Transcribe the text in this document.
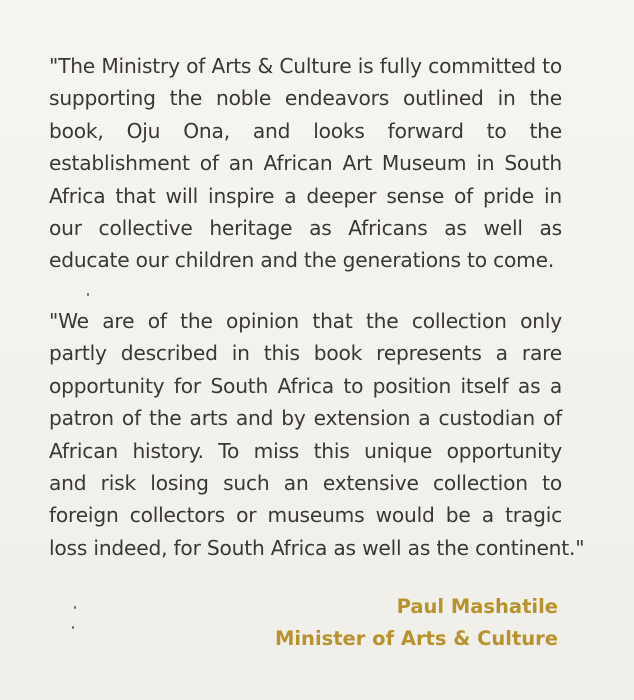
"The Ministry of Arts & Culture is fully committed to
supporting the noble endeavors outlined in the
book, Oju Ona, and looks forward to the
establishment of an African Art Museum in South
Africa that will inspire a deeper sense of pride in
our collective heritage as Africans as well as
educate our children and the generations to come.
"We are of the opinion that the collection only
partly described in this book represents a rare
opportunity for South Africa to position itself as a
patron of the arts and by extension a custodian of
African history. To miss this unique opportunity
and risk losing such an extensive collection to
foreign collectors or museums would be a tragic
loss indeed, for South Africa as well as the continent."
Paul Mashatile
Minister of Arts & Culture
